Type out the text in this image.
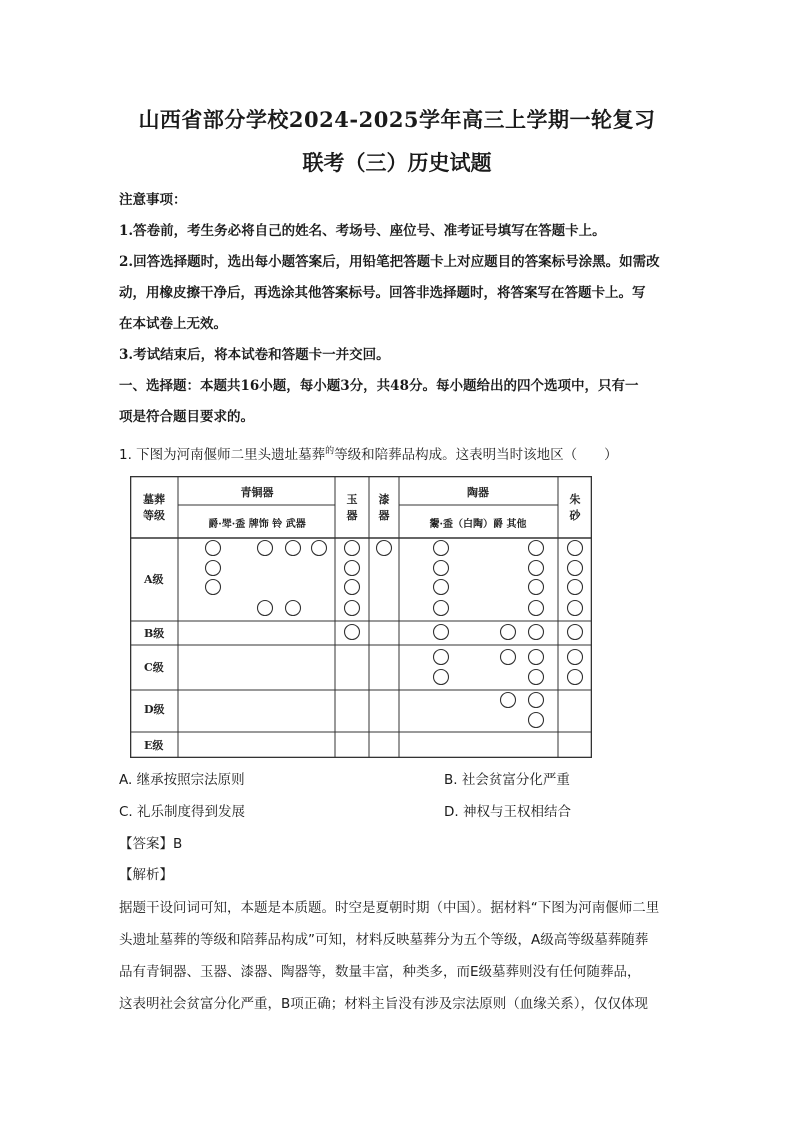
山西省部分学校2024-2025学年高三上学期一轮复习
联考（三）历史试题
注意事项：
1.答卷前，考生务必将自己的姓名、考场号、座位号、准考证号填写在答题卡上。
2.回答选择题时，选出每小题答案后，用铅笔把答题卡上对应题目的答案标号涂黑。如需改
动，用橡皮擦干净后，再选涂其他答案标号。回答非选择题时，将答案写在答题卡上。写
在本试卷上无效。
3.考试结束后，将本试卷和答题卡一并交回。
一、选择题：本题共16小题，每小题3分，共48分。每小题给出的四个选项中，只有一
项是符合题目要求的。
1. 下图为河南偃师二里头遗址墓葬$^的$等级和陪葬品构成。这表明当时该地区（　　）
墓葬
等级
青铜器
爵·斝·盉 牌饰 铃 武器
玉
器
漆
器
陶器
鬶·盉（白陶）爵 其他
朱
砂
A级
B级
C级
D级
E级
A. 继承按照宗法原则	B. 社会贫富分化严重
C. 礼乐制度得到发展	D. 神权与王权相结合
【答案】B
【解析】
据题干设问词可知，本题是本质题。时空是夏朝时期（中国）。据材料“下图为河南偃师二里
头遗址墓葬的等级和陪葬品构成”可知，材料反映墓葬分为五个等级，A级高等级墓葬随葬
品有青铜器、玉器、漆器、陶器等，数量丰富，种类多，而E级墓葬则没有任何随葬品，
这表明社会贫富分化严重，B项正确；材料主旨没有涉及宗法原则（血缘关系），仅仅体现
